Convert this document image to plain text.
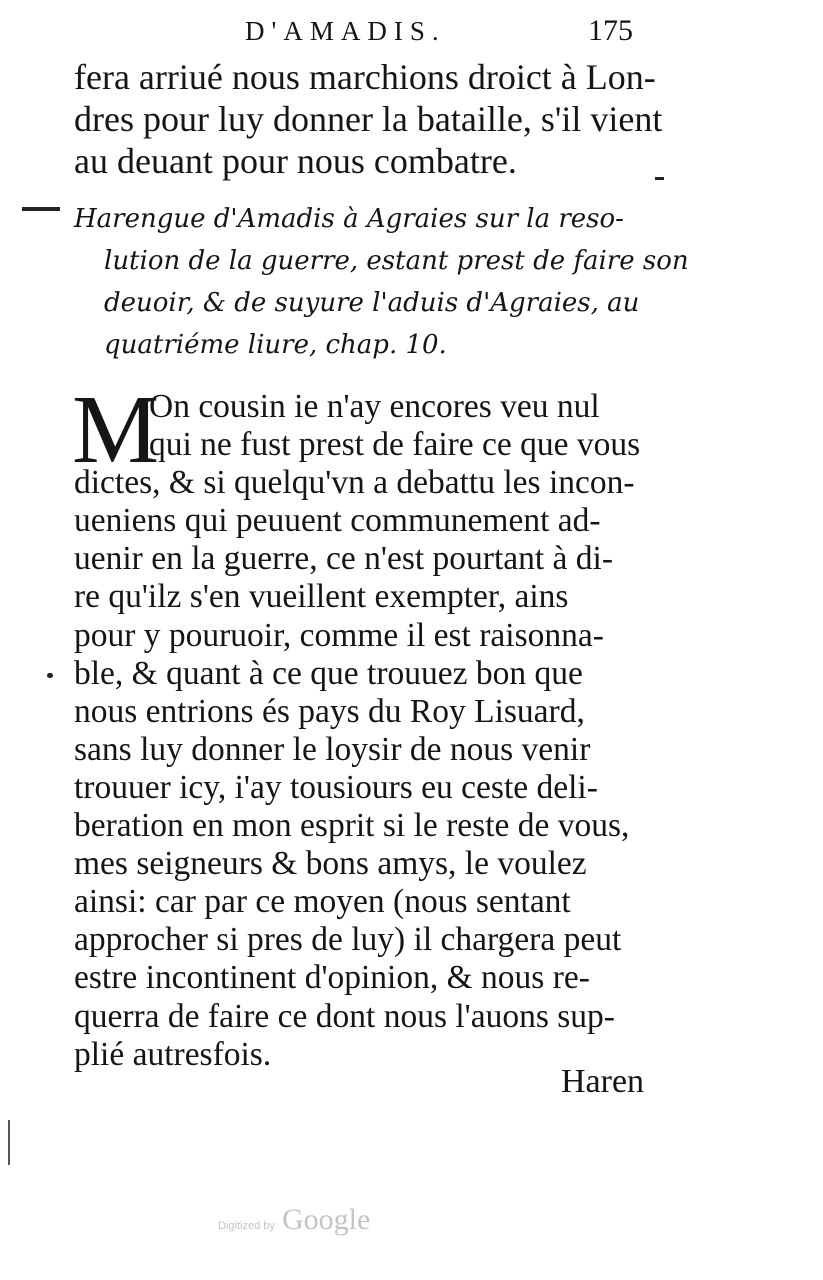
D'AMADIS.	175
fera arriué nous marchions droict à Lon-
dres pour luy donner la bataille, s'il vient
au deuant pour nous combatre.
Harengue d'Amadis à Agraies sur la reso-
lution de la guerre, estant prest de faire son
deuoir, & de suyure l'aduis d'Agraies, au
quatriéme liure, chap. 10.
M
On cousin ie n'ay encores veu nul
qui ne fust prest de faire ce que vous
dictes, & si quelqu'vn a debattu les incon-
ueniens qui peuuent communement ad-
uenir en la guerre, ce n'est pourtant à di-
re qu'ilz s'en vueillent exempter, ains
pour y pouruoir, comme il est raisonna-
ble, & quant à ce que trouuez bon que
nous entrions és pays du Roy Lisuard,
sans luy donner le loysir de nous venir
trouuer icy, i'ay tousiours eu ceste deli-
beration en mon esprit si le reste de vous,
mes seigneurs & bons amys, le voulez
ainsi: car par ce moyen (nous sentant
approcher si pres de luy) il chargera peut
estre incontinent d'opinion, & nous re-
querra de faire ce dont nous l'auons sup-
plié autresfois.
Haren
Digitized by Google
